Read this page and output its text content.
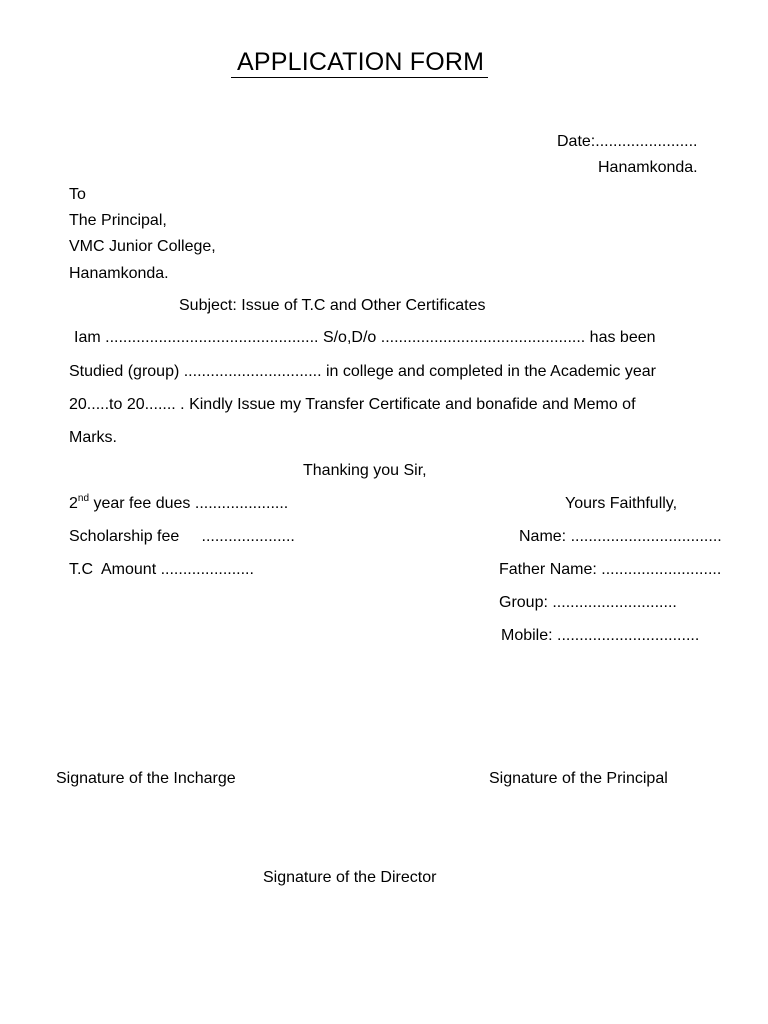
APPLICATION FORM
Date:.......................
Hanamkonda.
To
The Principal,
VMC Junior College,
Hanamkonda.
Subject: Issue of T.C and Other Certificates
Iam ................................................ S/o,D/o .............................................. has been
Studied (group) ............................... in college and completed in the Academic year
20.....to 20....... . Kindly Issue my Transfer Certificate and bonafide and Memo of
Marks.
Thanking you Sir,
2nd year fee dues .....................
Scholarship fee     .....................
T.C  Amount .....................
Yours Faithfully,
Name: ..................................
Father Name: ...........................
Group: ............................
Mobile: ................................
Signature of the Incharge	Signature of the Principal
Signature of the Director
